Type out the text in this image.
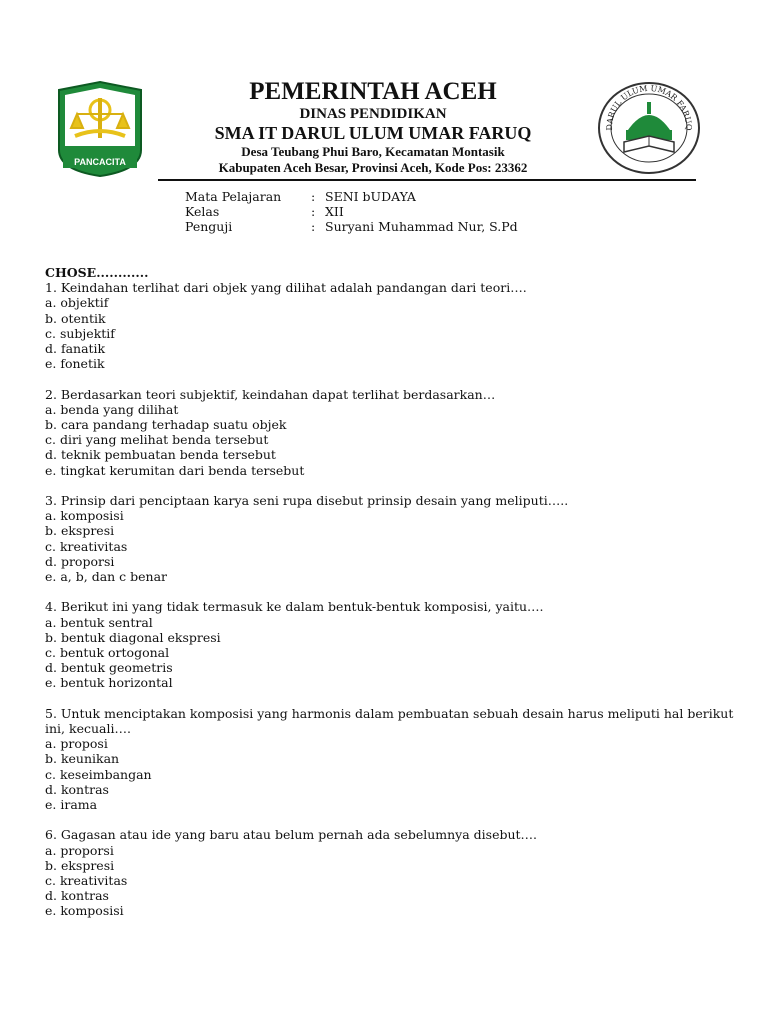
PANCACITA
PEMERINTAH ACEH
DINAS PENDIDIKAN
SMA IT DARUL ULUM UMAR FARUQ
Desa Teubang Phui Baro, Kecamatan Montasik
Kabupaten Aceh Besar, Provinsi Aceh, Kode Pos: 23362
DARUL ULUM UMAR FARUQ
Mata Pelajaran	: SENI bUDAYA
Kelas	: XII
Penguji	: Suryani Muhammad Nur, S.Pd
CHOSE............

1. Keindahan terlihat dari objek yang dilihat adalah pandangan dari teori….

a. objektif

b. otentik

c. subjektif

d. fanatik

e. fonetik

2. Berdasarkan teori subjektif, keindahan dapat terlihat berdasarkan…

a. benda yang dilihat

b. cara pandang terhadap suatu objek

c. diri yang melihat benda tersebut

d. teknik pembuatan benda tersebut

e. tingkat kerumitan dari benda tersebut

3. Prinsip dari penciptaan karya seni rupa disebut prinsip desain yang meliputi…..

a. komposisi

b. ekspresi

c. kreativitas

d. proporsi

e. a, b, dan c benar

4. Berikut ini yang tidak termasuk ke dalam bentuk-bentuk komposisi, yaitu….

a. bentuk sentral

b. bentuk diagonal ekspresi

c. bentuk ortogonal

d. bentuk geometris

e. bentuk horizontal

5. Untuk menciptakan komposisi yang harmonis dalam pembuatan sebuah desain harus meliputi hal berikut ini, kecuali….

a. proposi

b. keunikan

c. keseimbangan

d. kontras

e. irama

6. Gagasan atau ide yang baru atau belum pernah ada sebelumnya disebut….

a. proporsi

b. ekspresi

c. kreativitas

d. kontras

e. komposisi
